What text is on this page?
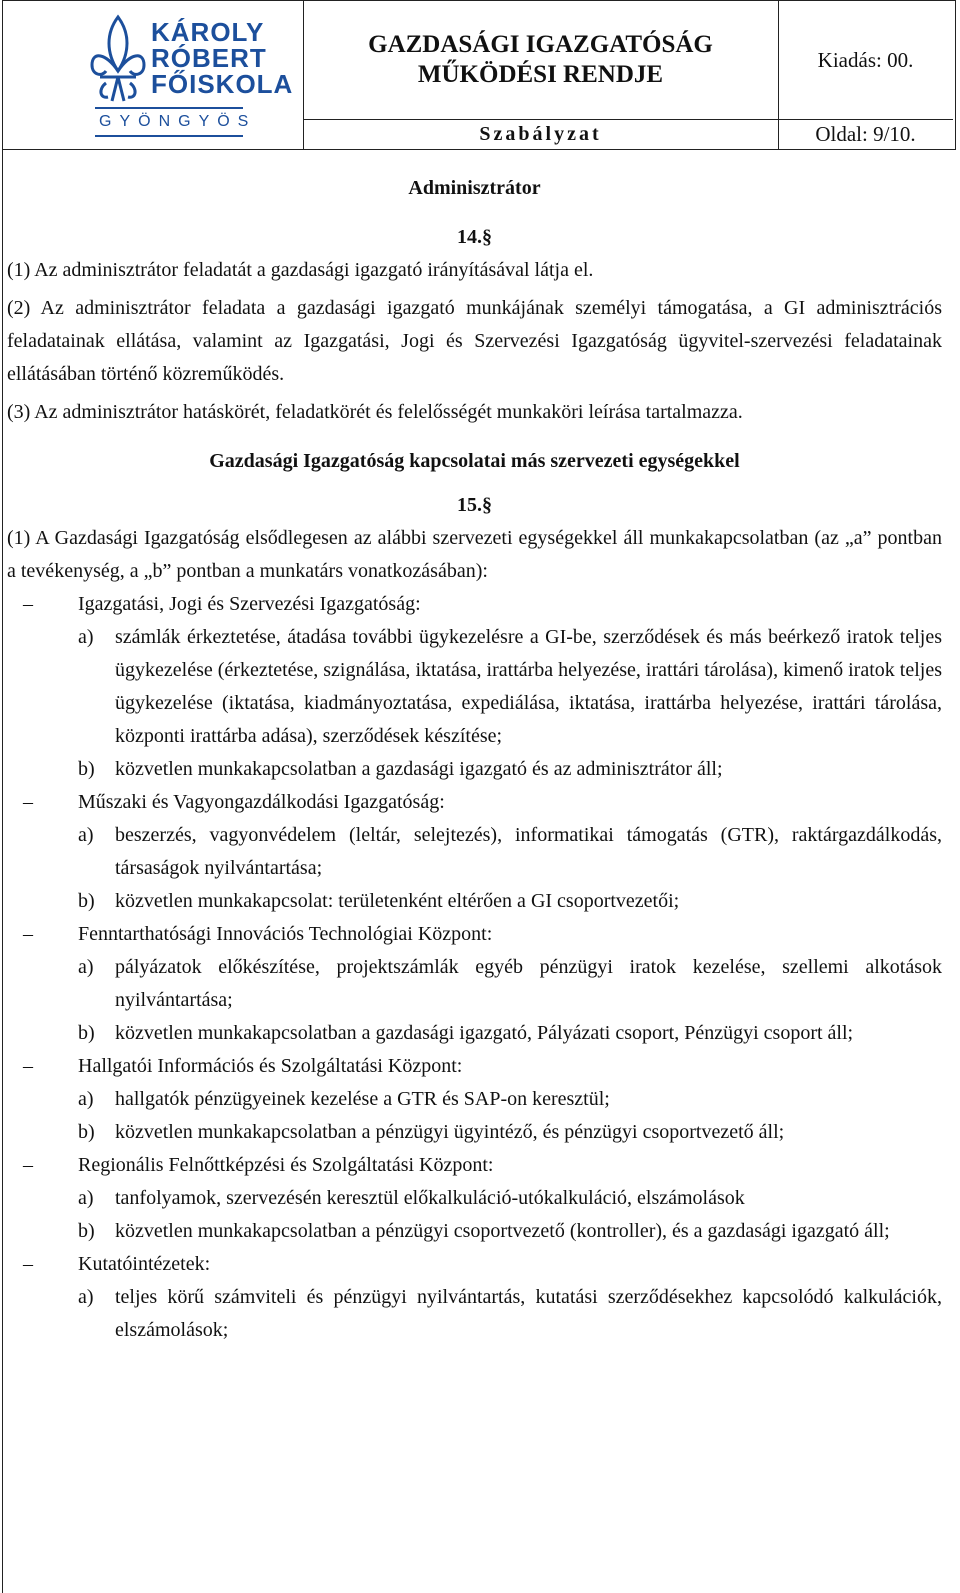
KÁROLY
RÓBERT
FŐISKOLA
GYÖNGYÖS
GAZDASÁGI IGAZGATÓSÁG
MŰKÖDÉSI RENDJE
Kiadás: 00.
Szabályzat	Oldal: 9/10.

Adminisztrátor

14.§

(1) Az adminisztrátor feladatát a gazdasági igazgató irányításával látja el.

(2) Az adminisztrátor feladata a gazdasági igazgató munkájának személyi támogatása, a GI adminisztrációs feladatainak ellátása, valamint az Igazgatási, Jogi és Szervezési Igazgatóság ügyvitel-szervezési feladatainak ellátásában történő közreműködés.

(3) Az adminisztrátor hatáskörét, feladatkörét és felelősségét munkaköri leírása tartalmazza.

Gazdasági Igazgatóság kapcsolatai más szervezeti egységekkel

15.§

(1) A Gazdasági Igazgatóság elsődlegesen az alábbi szervezeti egységekkel áll munkakapcsolatban (az „a” pontban a tevékenység, a „b” pontban a munkatárs vonatkozásában):

– Igazgatási, Jogi és Szervezési Igazgatóság:
a) számlák érkeztetése, átadása további ügykezelésre a GI-be, szerződések és más beérkező iratok teljes ügykezelése (érkeztetése, szignálása, iktatása, irattárba helyezése, irattári tárolása), kimenő iratok teljes ügykezelése (iktatása, kiadmányoztatása, expediálása, iktatása, irattárba helyezése, irattári tárolása, központi irattárba adása), szerződések készítése;
b) közvetlen munkakapcsolatban a gazdasági igazgató és az adminisztrátor áll;
– Műszaki és Vagyongazdálkodási Igazgatóság:
a) beszerzés, vagyonvédelem (leltár, selejtezés), informatikai támogatás (GTR), raktárgazdálkodás, társaságok nyilvántartása;
b) közvetlen munkakapcsolat: területenként eltérően a GI csoportvezetői;
– Fenntarthatósági Innovációs Technológiai Központ:
a) pályázatok előkészítése, projektszámlák egyéb pénzügyi iratok kezelése, szellemi alkotások nyilvántartása;
b) közvetlen munkakapcsolatban a gazdasági igazgató, Pályázati csoport, Pénzügyi csoport áll;
– Hallgatói Információs és Szolgáltatási Központ:
a) hallgatók pénzügyeinek kezelése a GTR és SAP-on keresztül;
b) közvetlen munkakapcsolatban a pénzügyi ügyintéző, és pénzügyi csoportvezető áll;
– Regionális Felnőttképzési és Szolgáltatási Központ:
a) tanfolyamok, szervezésén keresztül előkalkuláció-utókalkuláció, elszámolások
b) közvetlen munkakapcsolatban a pénzügyi csoportvezető (kontroller), és a gazdasági igazgató áll;
– Kutatóintézetek:
a) teljes körű számviteli és pénzügyi nyilvántartás, kutatási szerződésekhez kapcsolódó kalkulációk, elszámolások;
